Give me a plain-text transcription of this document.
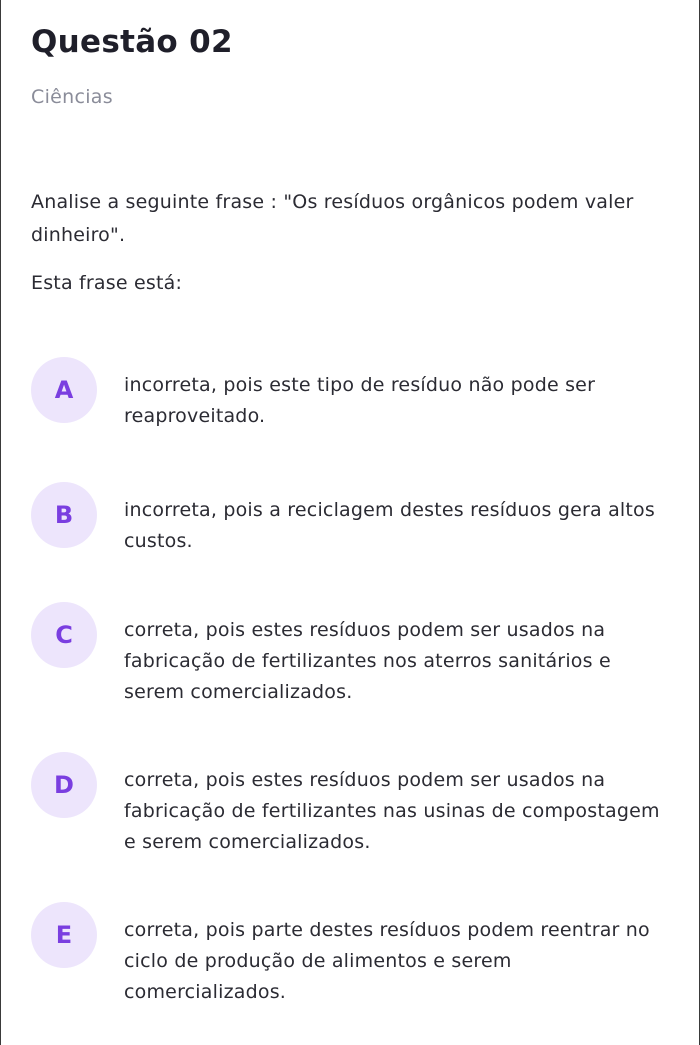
Questão 02
Ciências
Analise a seguinte frase : "Os resíduos orgânicos podem valer dinheiro".
Esta frase está:
A	incorreta, pois este tipo de resíduo não pode ser reaproveitado.
B	incorreta, pois a reciclagem destes resíduos gera altos custos.
C	correta, pois estes resíduos podem ser usados na fabricação de fertilizantes nos aterros sanitários e serem comercializados.
D	correta, pois estes resíduos podem ser usados na fabricação de fertilizantes nas usinas de compostagem e serem comercializados.
E	correta, pois parte destes resíduos podem reentrar no ciclo de produção de alimentos e serem comercializados.
